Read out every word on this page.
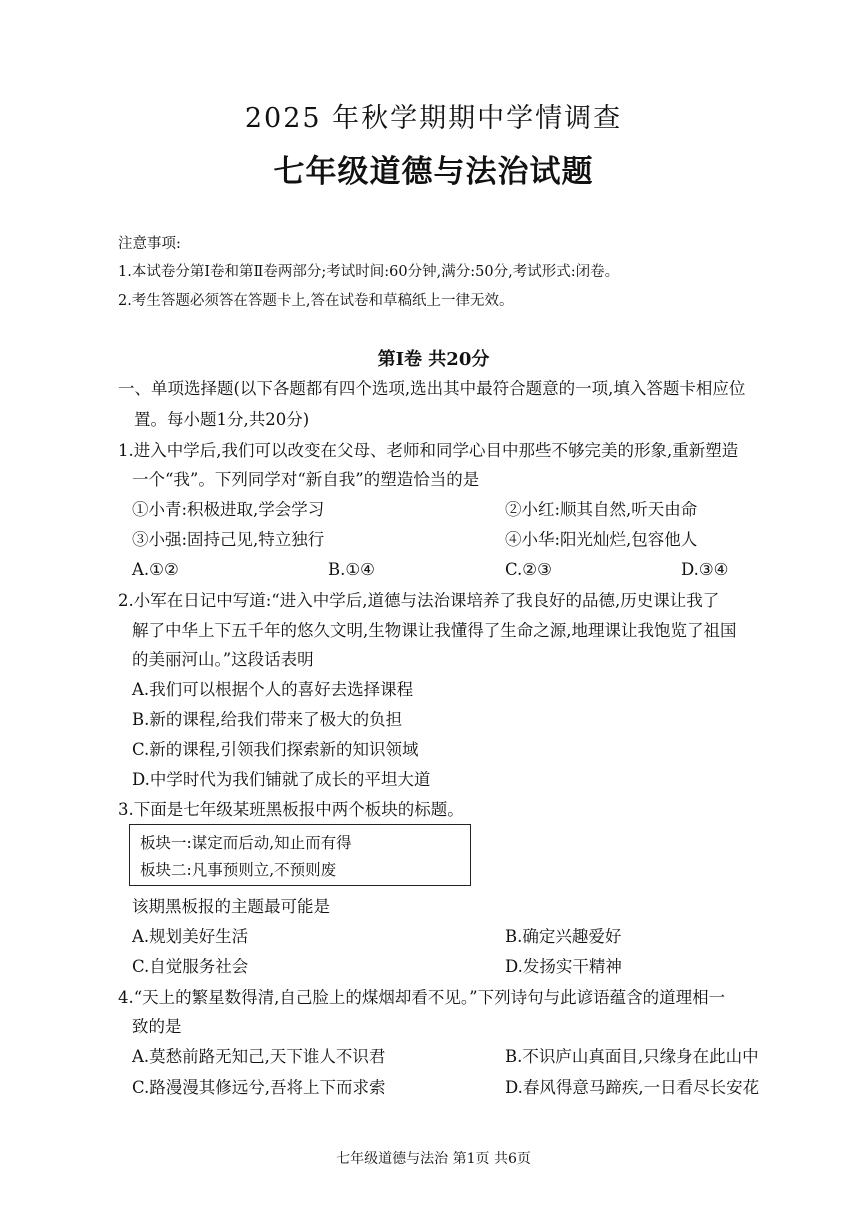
2025 年秋学期期中学情调查
七年级道德与法治试题
注意事项:
1.本试卷分第Ⅰ卷和第Ⅱ卷两部分;考试时间:60分钟,满分:50分,考试形式:闭卷。
2.考生答题必须答在答题卡上,答在试卷和草稿纸上一律无效。
第Ⅰ卷 共20分
一、单项选择题(以下各题都有四个选项,选出其中最符合题意的一项,填入答题卡相应位
置。每小题1分,共20分)
1.进入中学后,我们可以改变在父母、老师和同学心目中那些不够完美的形象,重新塑造
一个“我”。下列同学对“新自我”的塑造恰当的是
①小青:积极进取,学会学习	②小红:顺其自然,听天由命
③小强:固持己见,特立独行	④小华:阳光灿烂,包容他人
A.①②	B.①④	C.②③	D.③④
2.小军在日记中写道:“进入中学后,道德与法治课培养了我良好的品德,历史课让我了
解了中华上下五千年的悠久文明,生物课让我懂得了生命之源,地理课让我饱览了祖国
的美丽河山。”这段话表明
A.我们可以根据个人的喜好去选择课程
B.新的课程,给我们带来了极大的负担
C.新的课程,引领我们探索新的知识领域
D.中学时代为我们铺就了成长的平坦大道
3.下面是七年级某班黑板报中两个板块的标题。
板块一:谋定而后动,知止而有得
板块二:凡事预则立,不预则废
该期黑板报的主题最可能是
A.规划美好生活	B.确定兴趣爱好
C.自觉服务社会	D.发扬实干精神
4.“天上的繁星数得清,自己脸上的煤烟却看不见。”下列诗句与此谚语蕴含的道理相一
致的是
A.莫愁前路无知己,天下谁人不识君	B.不识庐山真面目,只缘身在此山中
C.路漫漫其修远兮,吾将上下而求索	D.春风得意马蹄疾,一日看尽长安花
七年级道德与法治 第1页 共6页
